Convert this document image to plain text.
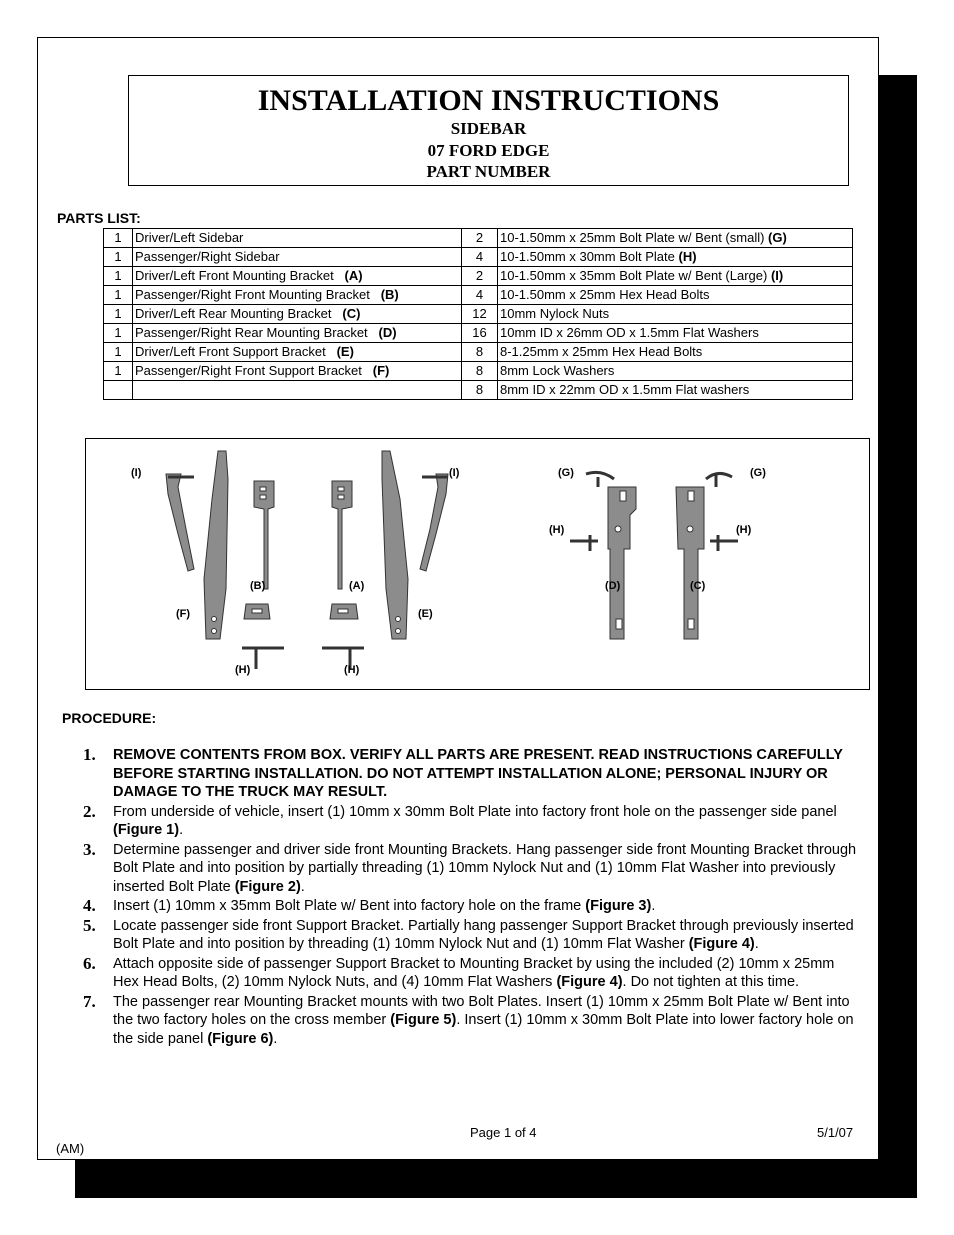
INSTALLATION INSTRUCTIONS
SIDEBAR
07 FORD EDGE
PART NUMBER
PARTS LIST:
1	Driver/Left Sidebar	2	10-1.50mm x 25mm Bolt Plate w/ Bent (small) (G)
1	Passenger/Right Sidebar	4	10-1.50mm x 30mm Bolt Plate (H)
1	Driver/Left Front Mounting Bracket (A)	2	10-1.50mm x 35mm Bolt Plate w/ Bent (Large) (I)
1	Passenger/Right Front Mounting Bracket (B)	4	10-1.50mm x 25mm Hex Head Bolts
1	Driver/Left Rear Mounting Bracket (C)	12	10mm Nylock Nuts
1	Passenger/Right Rear Mounting Bracket (D)	16	10mm ID x 26mm OD x 1.5mm Flat Washers
1	Driver/Left Front Support Bracket (E)	8	8-1.25mm x 25mm Hex Head Bolts
1	Passenger/Right Front Support Bracket (F)	8	8mm Lock Washers
		8	8mm ID x 22mm OD x 1.5mm Flat washers
(I)	(I)	(G)	(G)
(H)	(H)
(B)	(A)	(D)	(C)
(F)	(E)
(H)	(H)
PROCEDURE:
1. REMOVE CONTENTS FROM BOX. VERIFY ALL PARTS ARE PRESENT. READ INSTRUCTIONS CAREFULLY BEFORE STARTING INSTALLATION. DO NOT ATTEMPT INSTALLATION ALONE; PERSONAL INJURY OR DAMAGE TO THE TRUCK MAY RESULT.
2. From underside of vehicle, insert (1) 10mm x 30mm Bolt Plate into factory front hole on the passenger side panel (Figure 1).
3. Determine passenger and driver side front Mounting Brackets. Hang passenger side front Mounting Bracket through Bolt Plate and into position by partially threading (1) 10mm Nylock Nut and (1) 10mm Flat Washer into previously inserted Bolt Plate (Figure 2).
4. Insert (1) 10mm x 35mm Bolt Plate w/ Bent into factory hole on the frame (Figure 3).
5. Locate passenger side front Support Bracket. Partially hang passenger Support Bracket through previously inserted Bolt Plate and into position by threading (1) 10mm Nylock Nut and (1) 10mm Flat Washer (Figure 4).
6. Attach opposite side of passenger Support Bracket to Mounting Bracket by using the included (2) 10mm x 25mm Hex Head Bolts, (2) 10mm Nylock Nuts, and (4) 10mm Flat Washers (Figure 4). Do not tighten at this time.
7. The passenger rear Mounting Bracket mounts with two Bolt Plates. Insert (1) 10mm x 25mm Bolt Plate w/ Bent into the two factory holes on the cross member (Figure 5). Insert (1) 10mm x 30mm Bolt Plate into lower factory hole on the side panel (Figure 6).
Page 1 of 4	5/1/07
(AM)
